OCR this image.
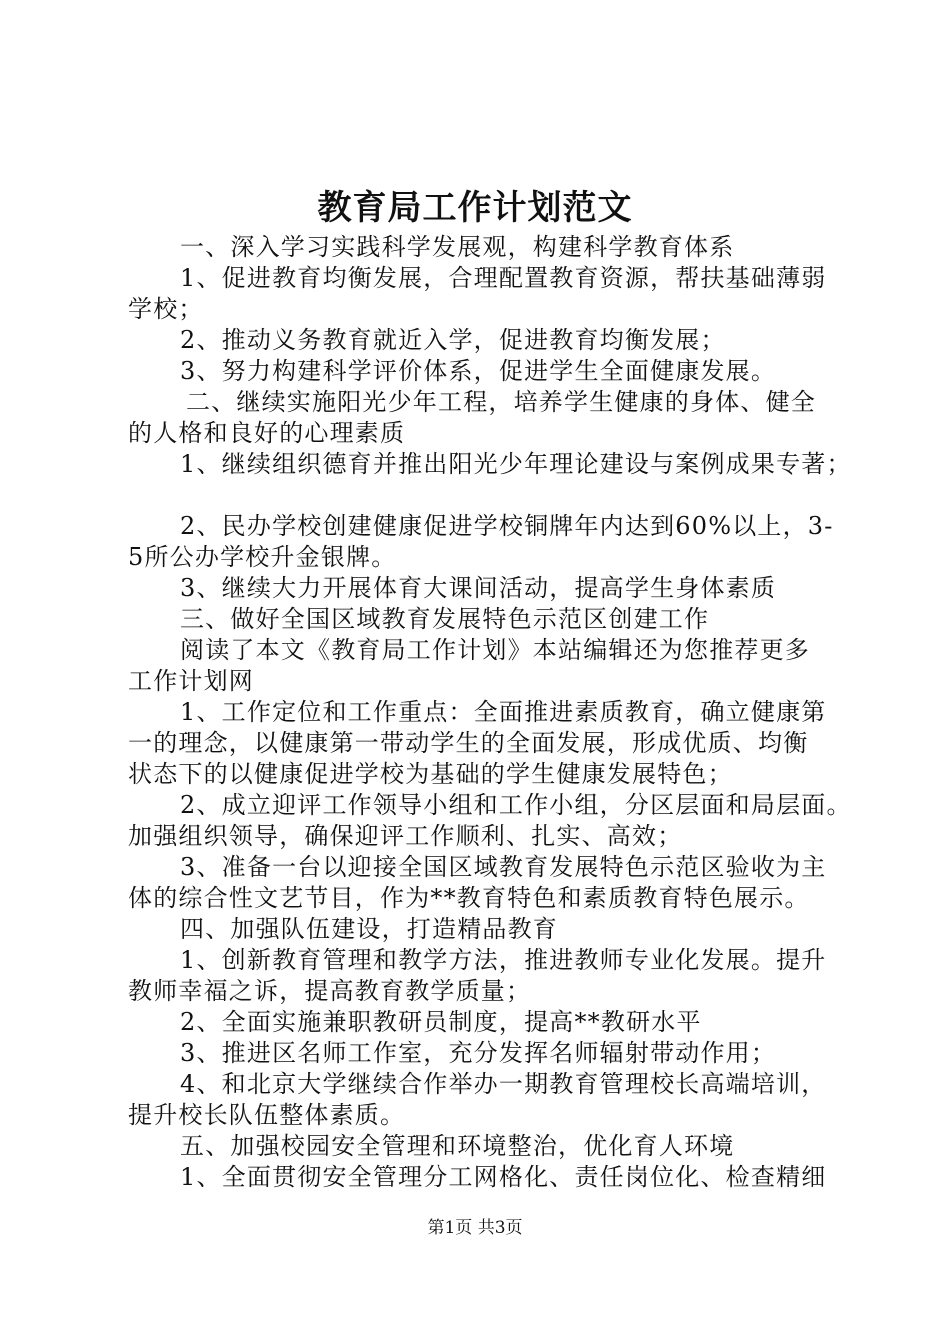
教育局工作计划范文
一、深入学习实践科学发展观，构建科学教育体系
1、促进教育均衡发展，合理配置教育资源，帮扶基础薄弱
学校；
2、推动义务教育就近入学，促进教育均衡发展；
3、努力构建科学评价体系，促进学生全面健康发展。
二、继续实施阳光少年工程，培养学生健康的身体、健全
的人格和良好的心理素质
1、继续组织德育并推出阳光少年理论建设与案例成果专著；
2、民办学校创建健康促进学校铜牌年内达到60%以上，3-
5所公办学校升金银牌。
3、继续大力开展体育大课间活动，提高学生身体素质
三、做好全国区域教育发展特色示范区创建工作
阅读了本文《教育局工作计划》本站编辑还为您推荐更多
工作计划网
1、工作定位和工作重点：全面推进素质教育，确立健康第
一的理念，以健康第一带动学生的全面发展，形成优质、均衡
状态下的以健康促进学校为基础的学生健康发展特色；
2、成立迎评工作领导小组和工作小组，分区层面和局层面。
加强组织领导，确保迎评工作顺利、扎实、高效；
3、准备一台以迎接全国区域教育发展特色示范区验收为主
体的综合性文艺节目，作为**教育特色和素质教育特色展示。
四、加强队伍建设，打造精品教育
1、创新教育管理和教学方法，推进教师专业化发展。提升
教师幸福之诉，提高教育教学质量；
2、全面实施兼职教研员制度，提高**教研水平
3、推进区名师工作室，充分发挥名师辐射带动作用；
4、和北京大学继续合作举办一期教育管理校长高端培训，
提升校长队伍整体素质。
五、加强校园安全管理和环境整治，优化育人环境
1、全面贯彻安全管理分工网格化、责任岗位化、检查精细
第1页 共3页
